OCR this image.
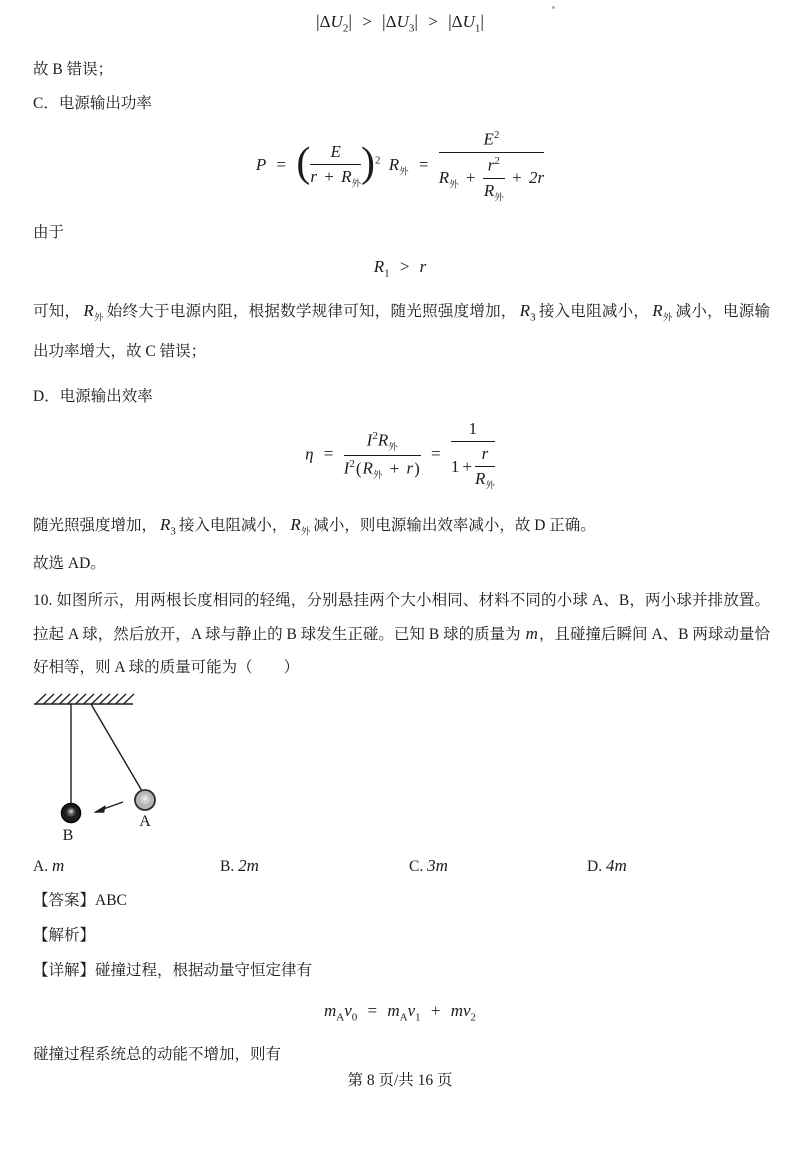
$|\Delta U_2| > |\Delta U_3| > |\Delta U_1|$
故 B 错误；
C．电源输出功率
P = ( $\frac{E}{r + R_外} )^2$ $R_外 = \frac{E^2}{R_外 + \frac{r^2}{R_外} + 2r}$
由于
$R_1 > r$
可知， $R_外$ 始终大于电源内阻，根据数学规律可知，随光照强度增加， $R_3$ 接入电阻减小， $R_外$ 减小，电源输出功率增大，故 C 错误；
D．电源输出效率
$\eta = \frac{I^2R_外}{I^2(R_外 + r)} = \frac{1}{1 + \frac{r}{R_外}}$
随光照强度增加， $R_3$ 接入电阻减小， $R_外$ 减小，则电源输出效率减小，故 D 正确。
故选 AD。
10. 如图所示，用两根长度相同的轻绳，分别悬挂两个大小相同、材料不同的小球 A、B，两小球并排放置。拉起 A 球，然后放开，A 球与静止的 B 球发生正碰。已知 B 球的质量为 m，且碰撞后瞬间 A、B 两球动量恰好相等，则 A 球的质量可能为（　　）
A
B
A. m	B. 2m	C. 3m	D. 4m
【答案】ABC
【解析】
【详解】碰撞过程，根据动量守恒定律有
$m_Av_0 = m_Av_1 + mv_2$
碰撞过程系统总的动能不增加，则有
第 8 页/共 16 页
